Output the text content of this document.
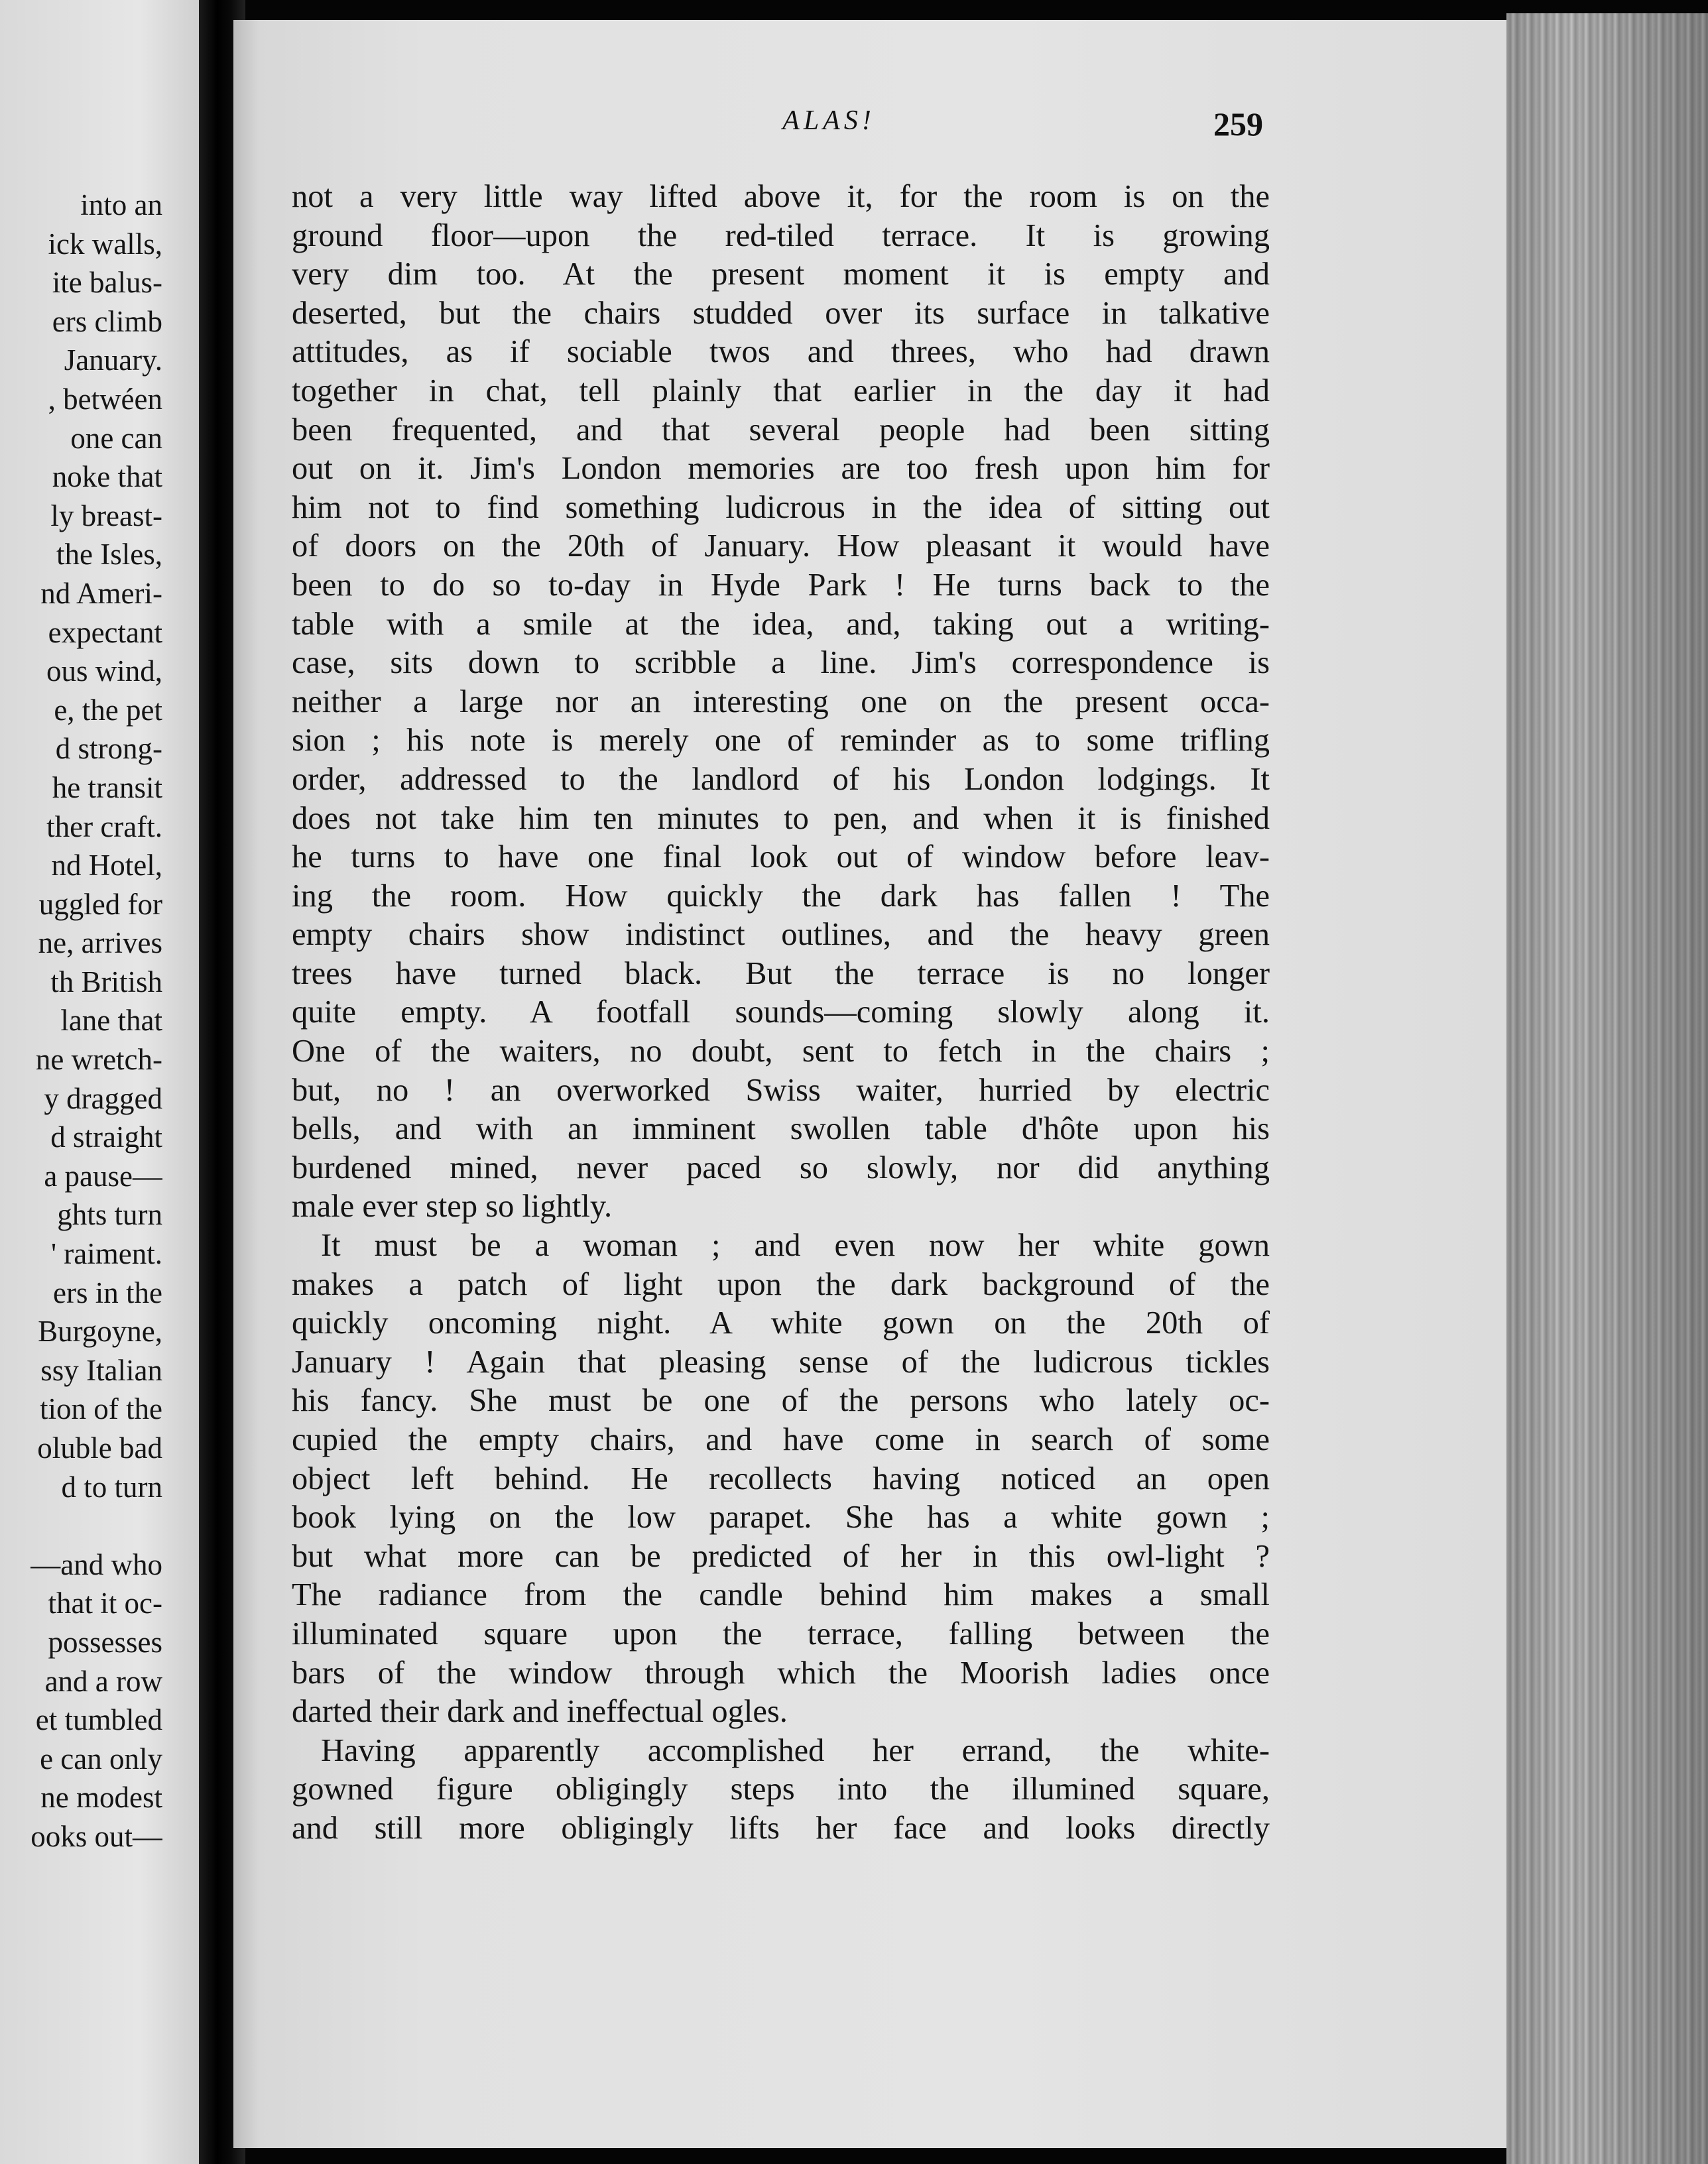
into an
ick walls,
ite balus-
ers climb
January.
, betwéen
one can
noke that
ly breast-
the Isles,
nd Ameri-
expectant
ous wind,
e, the pet
d strong-
he transit
ther craft.
nd Hotel,
uggled for
ne, arrives
th British
lane that
ne wretch-
y dragged
d straight
a pause—
ghts turn
' raiment.
ers in the
Burgoyne,
ssy Italian
tion of the
oluble bad
d to turn
—and who
that it oc-
possesses
and a row
et tumbled
e can only
ne modest
ooks out—
ALAS!	259
not a very little way lifted above it, for the room is on the
ground floor—upon the red-tiled terrace. It is growing
very dim too. At the present moment it is empty and
deserted, but the chairs studded over its surface in talkative
attitudes, as if sociable twos and threes, who had drawn
together in chat, tell plainly that earlier in the day it had
been frequented, and that several people had been sitting
out on it. Jim's London memories are too fresh upon him for
him not to find something ludicrous in the idea of sitting out
of doors on the 20th of January. How pleasant it would have
been to do so to-day in Hyde Park ! He turns back to the
table with a smile at the idea, and, taking out a writing-
case, sits down to scribble a line. Jim's correspondence is
neither a large nor an interesting one on the present occa-
sion ; his note is merely one of reminder as to some trifling
order, addressed to the landlord of his London lodgings. It
does not take him ten minutes to pen, and when it is finished
he turns to have one final look out of window before leav-
ing the room. How quickly the dark has fallen ! The
empty chairs show indistinct outlines, and the heavy green
trees have turned black. But the terrace is no longer
quite empty. A footfall sounds—coming slowly along it.
One of the waiters, no doubt, sent to fetch in the chairs ;
but, no ! an overworked Swiss waiter, hurried by electric
bells, and with an imminent swollen table d'hôte upon his
burdened mined, never paced so slowly, nor did anything
male ever step so lightly.
It must be a woman ; and even now her white gown
makes a patch of light upon the dark background of the
quickly oncoming night. A white gown on the 20th of
January ! Again that pleasing sense of the ludicrous tickles
his fancy. She must be one of the persons who lately oc-
cupied the empty chairs, and have come in search of some
object left behind. He recollects having noticed an open
book lying on the low parapet. She has a white gown ;
but what more can be predicted of her in this owl-light ?
The radiance from the candle behind him makes a small
illuminated square upon the terrace, falling between the
bars of the window through which the Moorish ladies once
darted their dark and ineffectual ogles.
Having apparently accomplished her errand, the white-
gowned figure obligingly steps into the illumined square,
and still more obligingly lifts her face and looks directly
